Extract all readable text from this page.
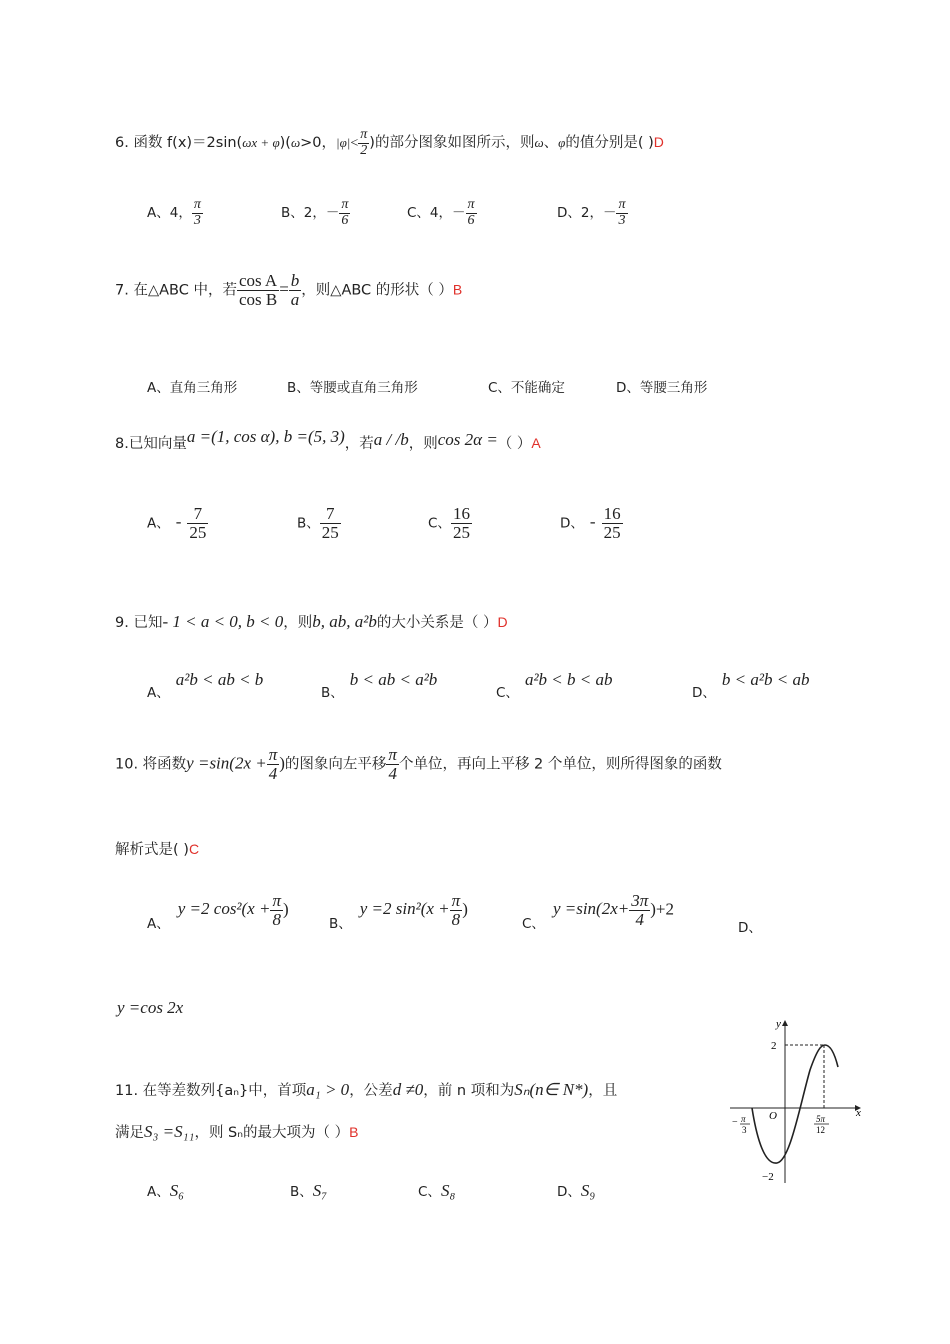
6. 函数 f(x)＝2sin(ωx + φ)(ω>0，$|\varphi|< \frac{\pi}{2}$ )的部分图象如图所示，则ω、φ的值分别是( )D
A、4， $\frac{\pi}{3}$	B、2，－ $\frac{\pi}{6}$	C、4，－ $\frac{\pi}{6}$	D、2，－ $\frac{\pi}{3}$
7. 在△ABC 中，若 $\frac{\text{cos A}}{\text{cos B}} = \frac{b}{a}$ ，则△ABC 的形状（ ）B
A、直角三角形	B、等腰或直角三角形	C、不能确定	D、等腰三角形
8.已知向量a =(1, cos α), b =(5, 3)，若a / /b，则cos 2α =（ ）A
A、 - $\frac{7}{25}$	B、 $\frac{7}{25}$	C、 $\frac{16}{25}$	D、 - $\frac{16}{25}$
9. 已知- 1 < a < 0, b < 0，则b, ab, a²b的大小关系是（ ）D
A、a²b < ab < b
B、b < ab < a²b
C、a²b < b < ab
D、b < a²b < ab
10. 将函数$y =\sin(2x + \frac{\pi}{4}$ )的图象向左平移 $\frac{\pi}{4}$ 个单位，再向上平移 2 个单位，则所得图象的函数
解析式是( )C
A、y =2 $\cos^2(x + \frac{\pi}{8}$ )
B、y =2 $\sin^2(x + \frac{\pi}{8}$ )
C、$y =\sin(2x+ \frac{3\pi}{4} )+2$
D、
y =cos 2x
11. 在等差数列{aₙ}中，首项a₁ > 0，公差d ≠0，前 n 项和为Sₙ(n∈ N*)，且
满足S₃ =S₁₁，则 Sₙ的最大项为（ ）B
A、S₆	B、S₇	C、S₈	D、S₉
y
x
O
2
−2
− π
3
5π
12
